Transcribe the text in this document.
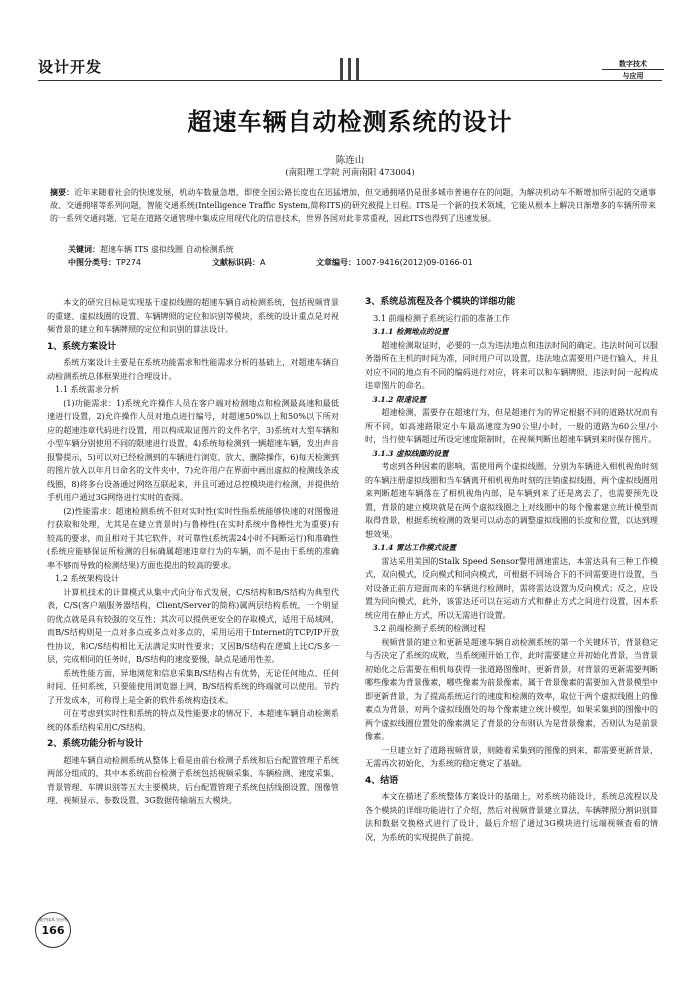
设计开发	数字技术
与应用
超速车辆自动检测系统的设计
陈连山
(南阳理工学院 河南南阳 473004)
摘要：近年来随着社会的快速发展，机动车数量急增，即使全国公路长度也在迅猛增加，但交通拥堵仍是很多城市普遍存在的问题，为解决机动车不断增加所引起的交通事故、交通拥堵等系列问题，智能交通系统(Intelligence Traffic System,简称ITS)的研究被提上日程。ITS是一个新的技术领域，它能从根本上解决日渐增多的车辆所带来的一系列交通问题，它是在道路交通管理中集成应用现代化的信息技术，世界各国对此非常重视，因此ITS也得到了迅速发展。
关键词：超速车辆 ITS 虚拟线圈 自动检测系统
中图分类号：TP274	文献标识码：A	文章编号：1007-9416(2012)09-0166-01

本文的研究目标是实现基于虚拟线圈的超速车辆自动检测系统，包括视频背景的重建、虚拟线圈的设置、车辆牌照的定位和识别等模块，系统的设计重点是对视频背景的建立和车辆牌照的定位和识别的算法设计。

1、系统方案设计

系统方案设计主要是在系统功能需求和性能需求分析的基础上，对超速车辆自动检测系统总体框架进行合理设计。

1.1 系统需求分析

(1)功能需求：1)系统允许操作人员在客户端对检测地点和检测最高速和最低速进行设置，2)允许操作人员对地点进行编号，对超速50%以上和50%以下所对应的超速违章代码进行设置，用以构成取证图片的文件名字，3)系统对大型车辆和小型车辆分别使用不同的限速进行设置，4)系统每检测到一辆超速车辆，发出声音报警提示，5)可以对已经检测到的车辆进行浏览、放大、删除操作，6)每天检测到的图片放入以年月日命名的文件夹中，7)允许用户在界面中画出虚拟的检测线条或线圈，8)将多台设备通过网络互联起来，并且可通过总控模块进行检测，并提供给手机用户通过3G网络进行实时的查阅。

(2)性能需求：超速检测系统不但对实时性(实时性指系统能够快速的对图像进行获取和处理，尤其是在建立背景时)与鲁棒性(在实时系统中鲁棒性尤为重要)有较高的要求，而且相对于其它软件，对可靠性(系统需24小时不间断运行)和准确性(系统应能够保证所检测的目标确属超速违章行为的车辆，而不是由于系统的准确率不够而导致的检测结果)方面也提出的较高的要求。

1.2 系统架构设计

计算机技术的计算模式从集中式向分布式发展，C/S结构和B/S结构为典型代表，C/S(客户端服务器结构，Client/Server的简称)属两层结构系统，一个明显的优点就是具有较强的交互性；其次可以提供更安全的存取模式，适用于局域网，而B/S结构则是一点对多点或多点对多点的，采用运用于Internet的TCP/IP开放性协议，和C/S结构相比无法满足实时性要求；又因B/S结构在逻辑上比C/S多一层，完成相同的任务时，B/S结构的速度要慢，缺点是通用性差。

系统性能方面，异地浏览和信息采集B/S结构占有优势，无论任何地点、任何时间、任何系统，只要能使用浏览器上网，B/S结构系统的终端就可以使用。节约了开发成本，可称得上是全新的软件系统构造技术。

可在考虑到实时性和系统的特点及性能要求的情况下，本超速车辆自动检测系统的体系结构采用C/S结构。

2、系统功能分析与设计

超速车辆自动检测系统从整体上看是由前台检测子系统和后台配置管理子系统两部分组成的，其中本系统前台检测子系统包括视频采集、车辆检测、速度采集、背景管理、车牌识别等五大主要模块，后台配置管理子系统包括线圈设置、图像管理、视频显示、参数设置、3G数据传输端五大模块。

3、系统总流程及各个模块的详细功能
3.1 前端检测子系统运行前的准备工作
3.1.1 检测地点的设置

超速检测取证时，必要的一点为违法地点和违法时间的确定。违法时间可以服务器所在主机的时间为准，同时用户可以设置，违法地点需要用户进行输入，并且对应不同的地点有不同的编码进行对应，将来可以和车辆牌照、违法时间一起构成违章图片的命名。

3.1.2 限速设置

超速检测，需要存在超速行为，但是超速行为的界定根据不同的道路状况而有所不同，如高速路限定小车最高速度为90公里/小时，一般的道路为60公里/小时，当行使车辆超过所设定速度限制时，在视频判断出超速车辆到来时保存图片。

3.1.3 虚拟线圈的设置

考虑到各种因素的影响，需使用两个虚拟线圈，分别为车辆进入相机视角时刻的车辆注册虚拟线圈和当车辆离开相机视角时刻的注销虚拟线圈，两个虚拟线圈用来判断超速车辆落在了相机视角内部，是车辆到来了还是离去了，也需要预先设置，背景的建立模块就是在两个虚拟线圈之上对线圈中的每个像素建立统计模型而取得背景，根据系统检测的效果可以动态的调整虚拟线圈的长度和位置，以达到理想效果。

3.1.4 雷达工作模式设置

雷达采用美国的Stalk Speed Sensor警用测速雷达，本雷达具有三种工作模式，双向模式，反向模式和同向模式，可根据不同场合下的不同需要进行设置，当对设备正前方迎面而来的车辆进行检测时，需将雷达设置为反向模式；反之，应设置为同向模式，此外，该雷达还可以在运动方式和静止方式之间进行设置，因本系统应用在静止方式，所以无需进行设置。

3.2 前端检测子系统的检测过程

视频背景的建立和更新是超速车辆自动检测系统的第一个关键环节，背景稳定与否决定了系统的成败，当系统刚开始工作，此时需要建立并初始化背景，当背景初始化之后需要在相机每获得一张道路图像时，更新背景，对背景的更新需要判断哪些像素为背景像素，哪些像素为前景像素，属于背景像素的需要加入背景模型中即更新背景，为了提高系统运行的速度和检测的效率，取位于两个虚拟线圈上的像素点为背景，对两个虚拟线圈处的每个像素建立统计模型，如果采集到的图像中的两个虚拟线圈位置处的像素满足了背景的分布则认为是背景像素，否则认为是前景像素。

一旦建立好了道路视频背景，则随着采集到的图像的到来，都需要更新背景，无需再次初始化，为系统的稳定奠定了基础。

4、结语

本文在描述了系统整体方案设计的基础上，对系统功能设计，系统总流程以及各个模块的详细功能进行了介绍，然后对视频背景建立算法，车辆牌照分割识别算法和数据交换格式进行了设计，最后介绍了通过3G模块进行远端视频查看的情况，为系统的实现提供了前提。

数字技术与应用
166
